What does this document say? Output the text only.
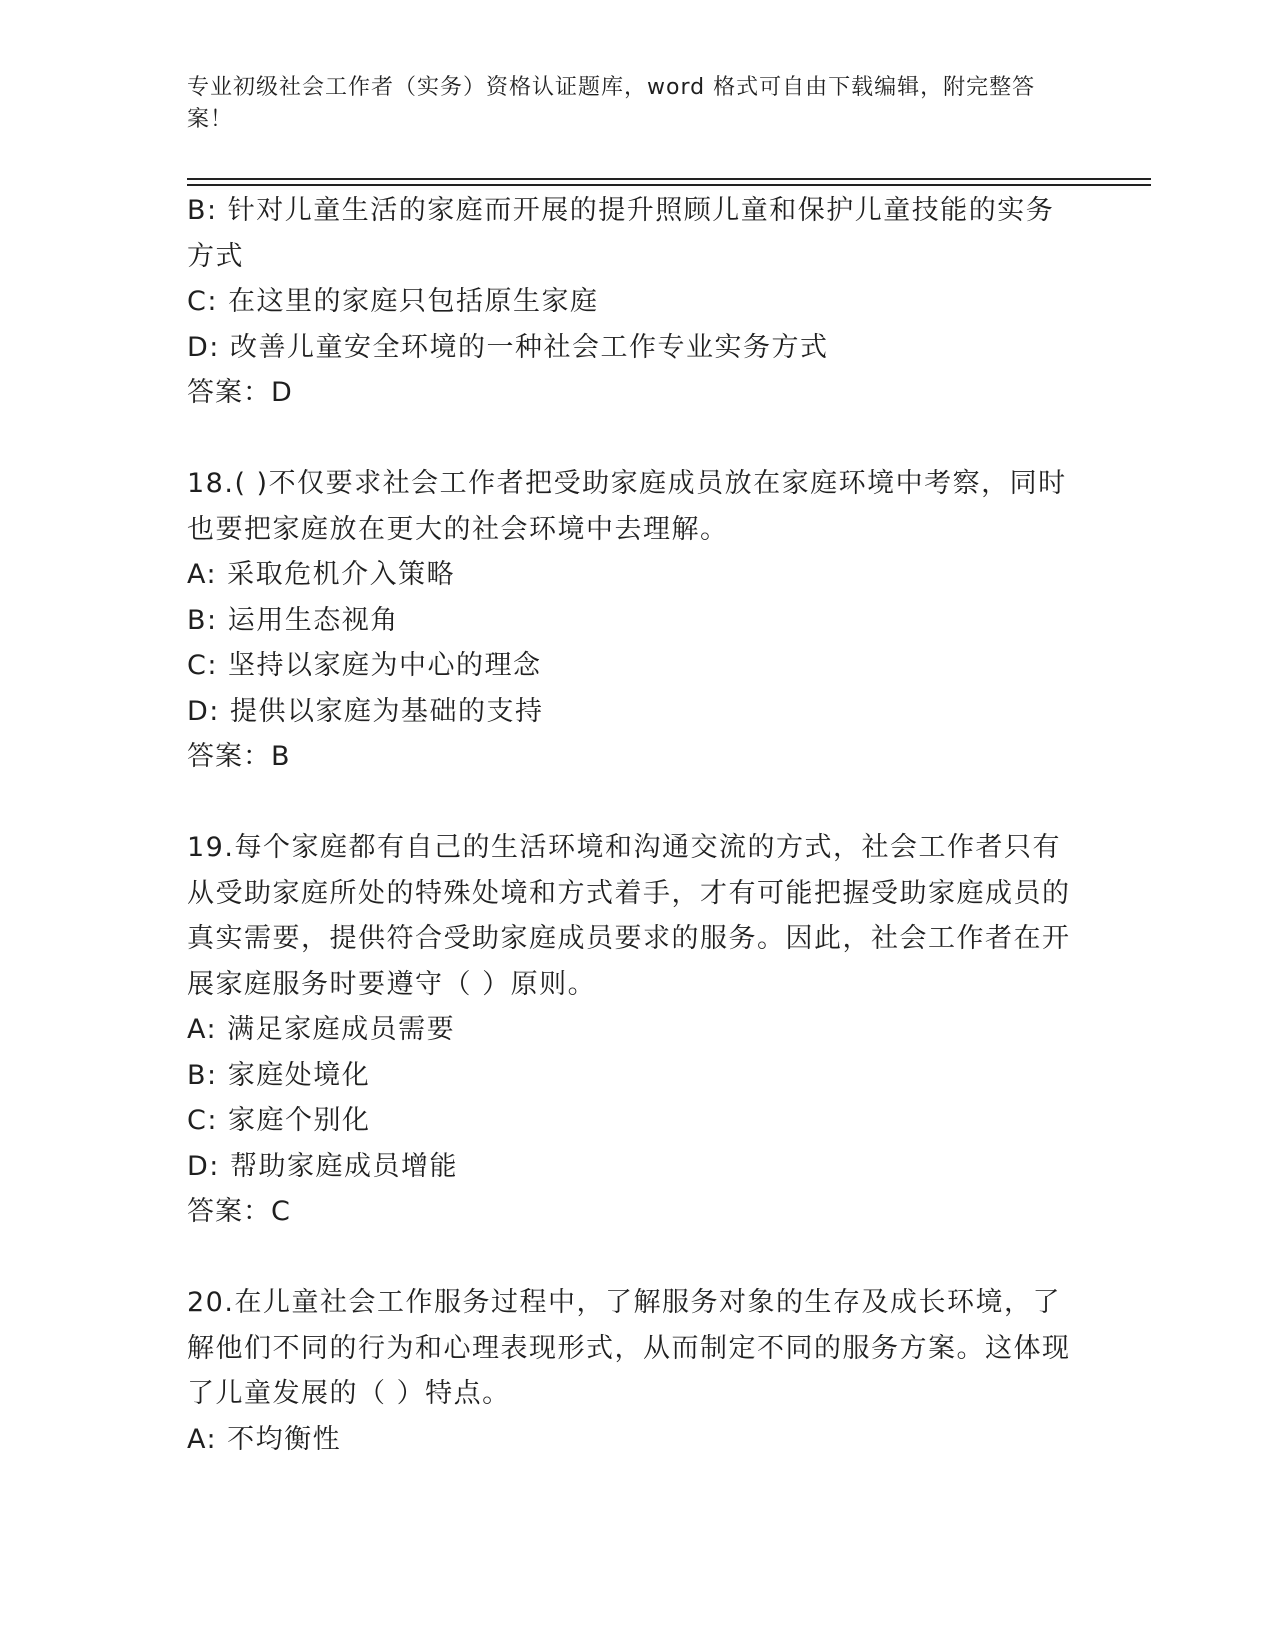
专业初级社会工作者（实务）资格认证题库，word 格式可自由下载编辑，附完整答案！
B: 针对儿童生活的家庭而开展的提升照顾儿童和保护儿童技能的实务方式
C: 在这里的家庭只包括原生家庭
D: 改善儿童安全环境的一种社会工作专业实务方式
答案：D
18.( )不仅要求社会工作者把受助家庭成员放在家庭环境中考察，同时也要把家庭放在更大的社会环境中去理解。
A: 采取危机介入策略
B: 运用生态视角
C: 坚持以家庭为中心的理念
D: 提供以家庭为基础的支持
答案：B
19.每个家庭都有自己的生活环境和沟通交流的方式，社会工作者只有从受助家庭所处的特殊处境和方式着手，才有可能把握受助家庭成员的真实需要，提供符合受助家庭成员要求的服务。因此，社会工作者在开展家庭服务时要遵守（ ）原则。
A: 满足家庭成员需要
B: 家庭处境化
C: 家庭个别化
D: 帮助家庭成员增能
答案：C
20.在儿童社会工作服务过程中，了解服务对象的生存及成长环境，了解他们不同的行为和心理表现形式，从而制定不同的服务方案。这体现了儿童发展的（ ）特点。
A: 不均衡性
